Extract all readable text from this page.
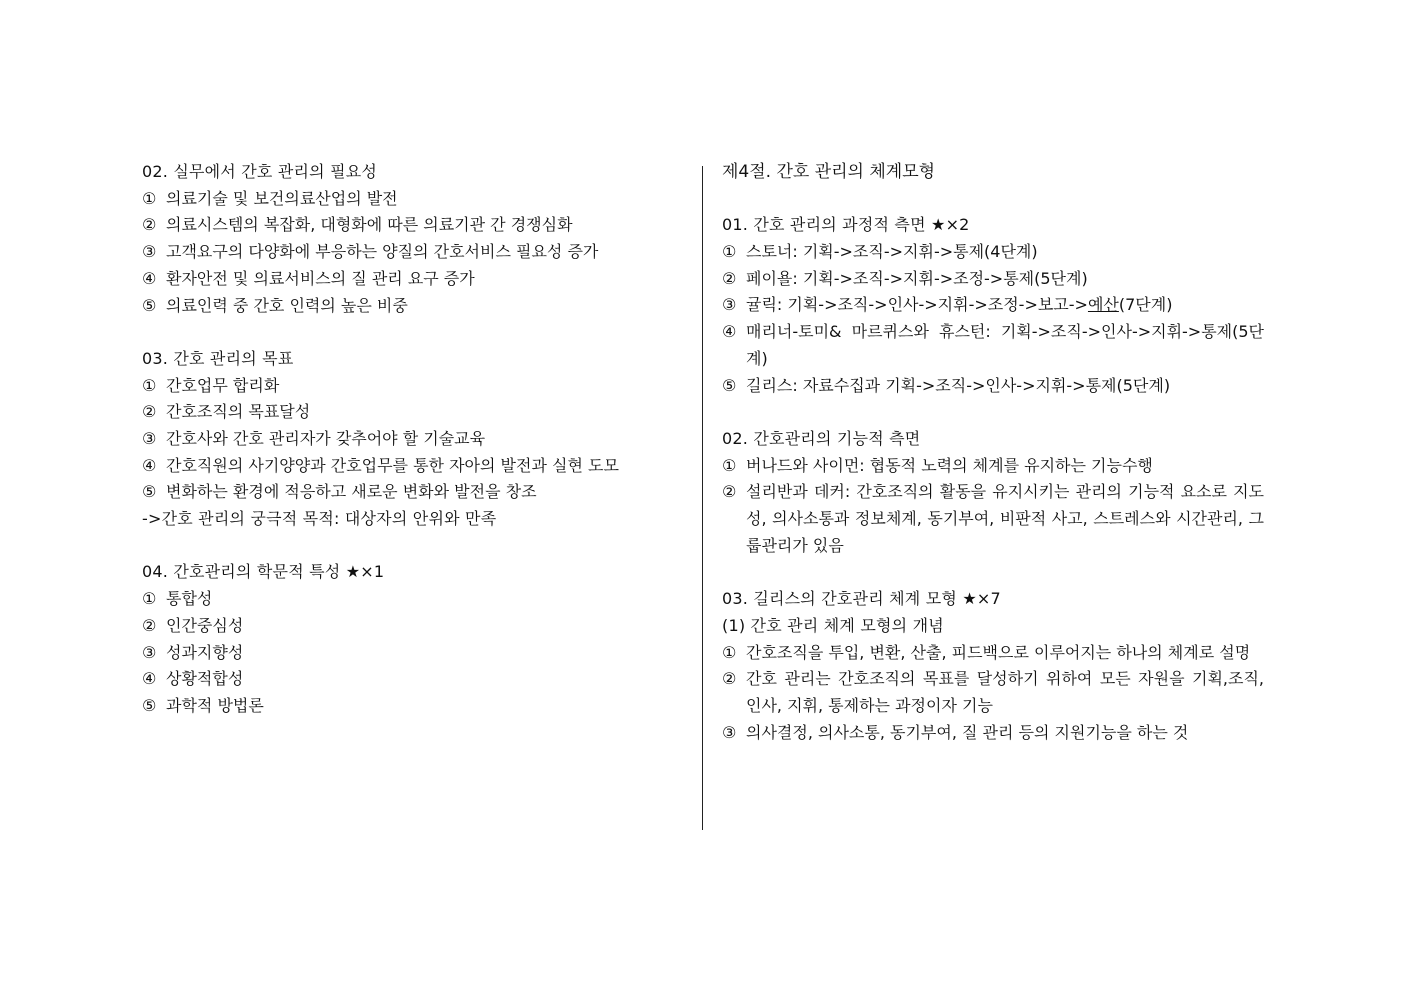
02. 실무에서 간호 관리의 필요성
① 의료기술 및 보건의료산업의 발전
② 의료시스템의 복잡화, 대형화에 따른 의료기관 간 경쟁심화
③ 고객요구의 다양화에 부응하는 양질의 간호서비스 필요성 증가
④ 환자안전 및 의료서비스의 질 관리 요구 증가
⑤ 의료인력 중 간호 인력의 높은 비중
03. 간호 관리의 목표
① 간호업무 합리화
② 간호조직의 목표달성
③ 간호사와 간호 관리자가 갖추어야 할 기술교육
④ 간호직원의 사기양양과 간호업무를 통한 자아의 발전과 실현 도모
⑤ 변화하는 환경에 적응하고 새로운 변화와 발전을 창조
->간호 관리의 궁극적 목적: 대상자의 안위와 만족
04. 간호관리의 학문적 특성 ★×1
① 통합성
② 인간중심성
③ 성과지향성
④ 상황적합성
⑤ 과학적 방법론
제4절. 간호 관리의 체계모형
01. 간호 관리의 과정적 측면 ★×2
① 스토너: 기획->조직->지휘->통제(4단계)
② 페이욜: 기획->조직->지휘->조정->통제(5단계)
③ 귤릭: 기획->조직->인사->지휘->조정->보고->예산(7단계)
④ 매리너-토미& 마르퀴스와 휴스턴: 기획->조직->인사->지휘->통제(5단계)
⑤ 길리스: 자료수집과 기획->조직->인사->지휘->통제(5단계)
02. 간호관리의 기능적 측면
① 버나드와 사이먼: 협동적 노력의 체계를 유지하는 기능수행
② 설리반과 데커: 간호조직의 활동을 유지시키는 관리의 기능적 요소로 지도성, 의사소통과 정보체계, 동기부여, 비판적 사고, 스트레스와 시간관리, 그룹관리가 있음
03. 길리스의 간호관리 체계 모형 ★×7
(1) 간호 관리 체계 모형의 개념
① 간호조직을 투입, 변환, 산출, 피드백으로 이루어지는 하나의 체계로 설명
② 간호 관리는 간호조직의 목표를 달성하기 위하여 모든 자원을 기획,조직, 인사, 지휘, 통제하는 과정이자 기능
③ 의사결정, 의사소통, 동기부여, 질 관리 등의 지원기능을 하는 것
